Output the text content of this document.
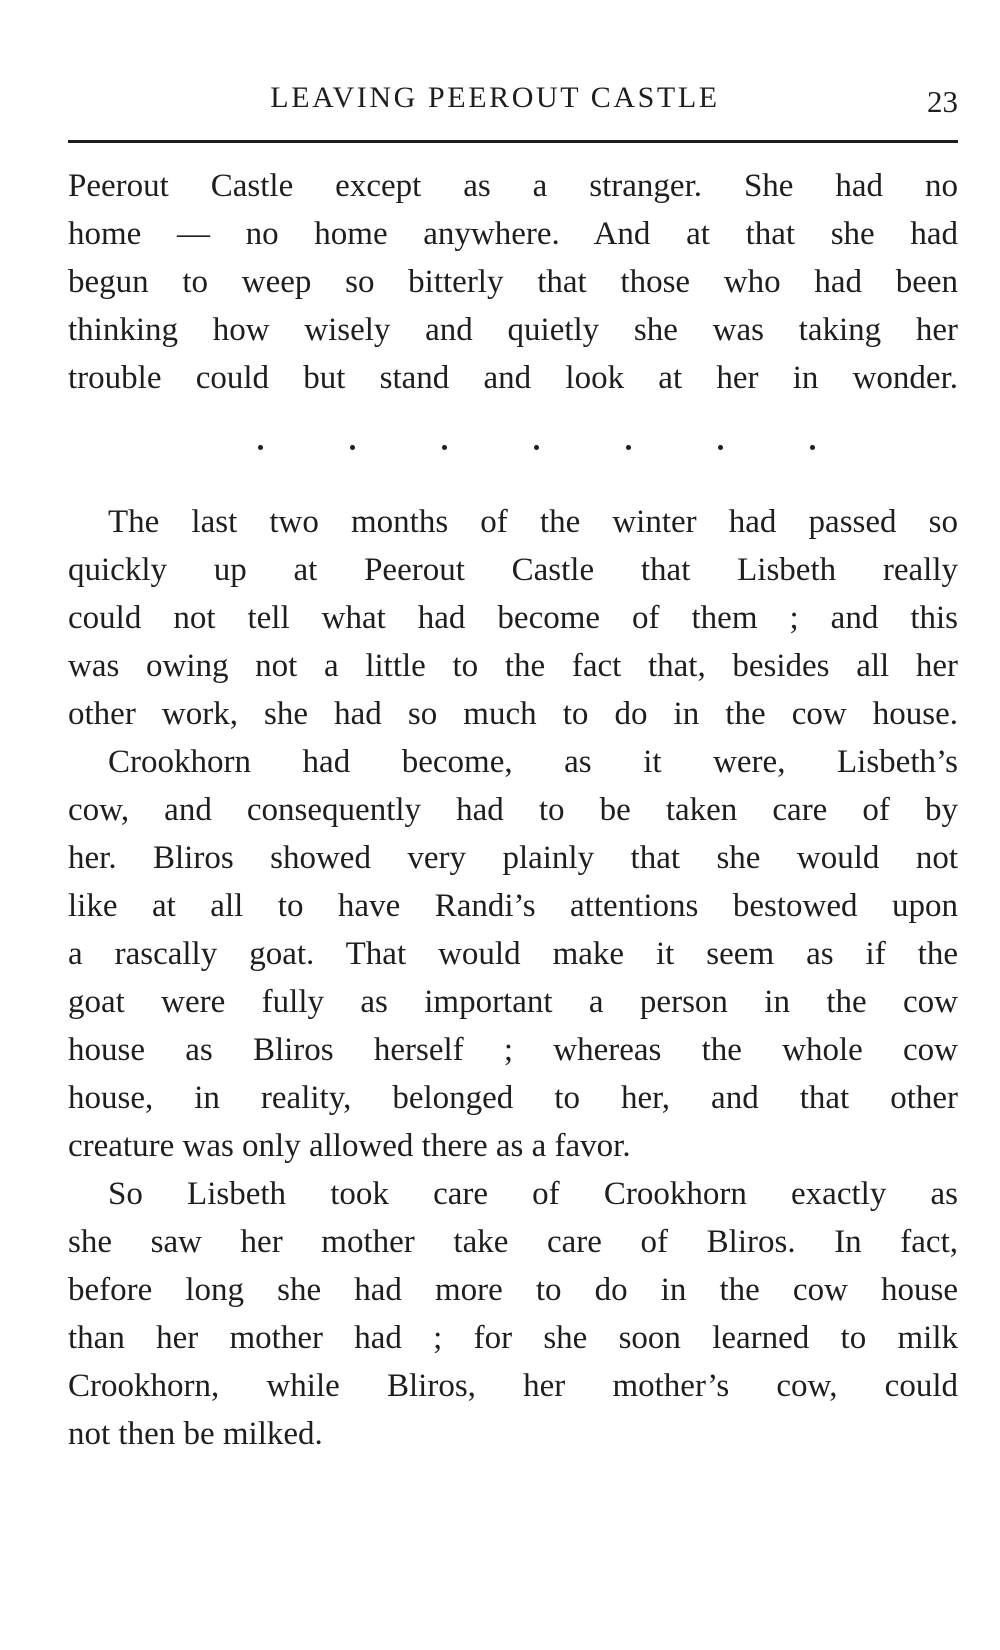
LEAVING PEEROUT CASTLE	23
Peerout Castle except as a stranger. She had no
home — no home anywhere. And at that she had
begun to weep so bitterly that those who had been
thinking how wisely and quietly she was taking her
trouble could but stand and look at her in wonder.
The last two months of the winter had passed so
quickly up at Peerout Castle that Lisbeth really
could not tell what had become of them ; and this
was owing not a little to the fact that, besides all her
other work, she had so much to do in the cow house.
Crookhorn had become, as it were, Lisbeth’s
cow, and consequently had to be taken care of by
her. Bliros showed very plainly that she would not
like at all to have Randi’s attentions bestowed upon
a rascally goat. That would make it seem as if the
goat were fully as important a person in the cow
house as Bliros herself ; whereas the whole cow
house, in reality, belonged to her, and that other
creature was only allowed there as a favor.
So Lisbeth took care of Crookhorn exactly as
she saw her mother take care of Bliros. In fact,
before long she had more to do in the cow house
than her mother had ; for she soon learned to milk
Crookhorn, while Bliros, her mother’s cow, could
not then be milked.
